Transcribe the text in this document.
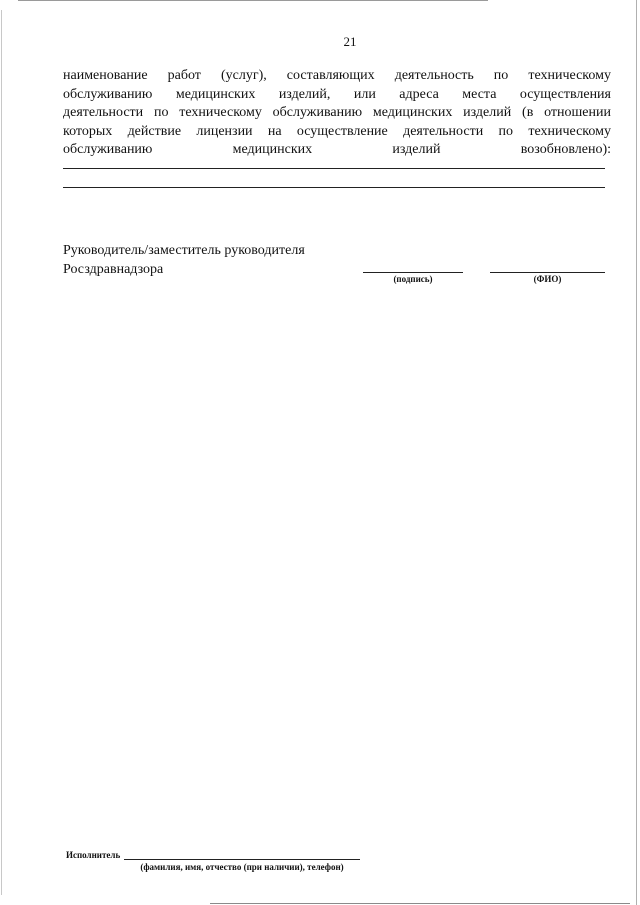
21
наименование работ (услуг), составляющих деятельность по техническому
обслуживанию медицинских изделий, или адреса места осуществления
деятельности по техническому обслуживанию медицинских изделий (в отношении
которых действие лицензии на осуществление деятельности по техническому
обслуживанию медицинских изделий возобновлено):
Руководитель/заместитель руководителя
Росздравнадзора
(подпись)	(ФИО)
Исполнитель
(фамилия, имя, отчество (при наличии), телефон)
